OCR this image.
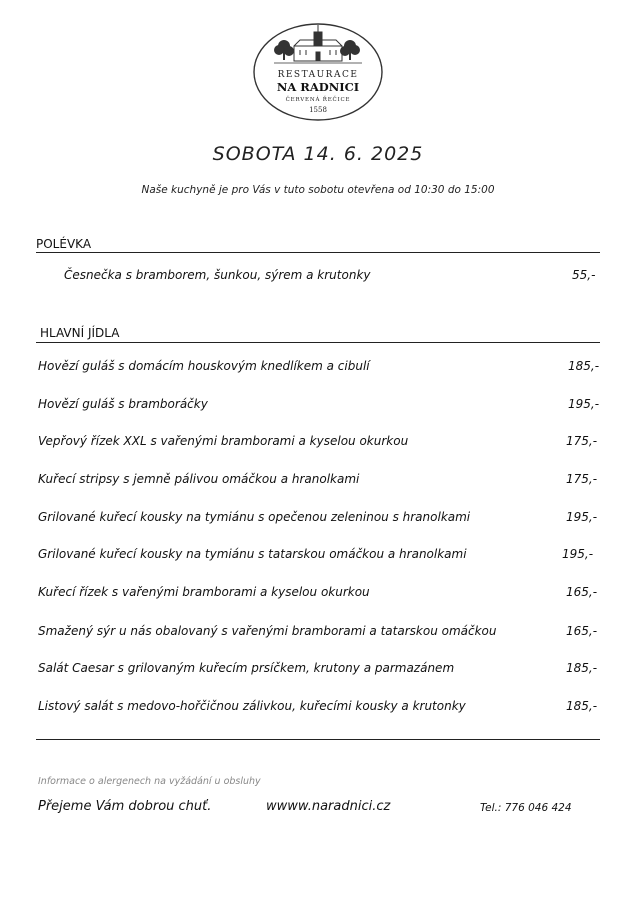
RESTAURACE
NA RADNICI
ČERVENÁ ŘEČICE
1558
SOBOTA 14. 6. 2025
Naše kuchyně je pro Vás v tuto sobotu otevřena od 10:30 do 15:00
POLÉVKA
Česnečka s bramborem, šunkou, sýrem a krutonky	55,-
HLAVNÍ JÍDLA
Hovězí guláš s domácím houskovým knedlíkem a cibulí	185,-
Hovězí guláš s bramboráčky	195,-
Vepřový řízek XXL s vařenými bramborami a kyselou okurkou	175,-
Kuřecí stripsy s jemně pálivou omáčkou a hranolkami	175,-
Grilované kuřecí kousky na tymiánu s opečenou zeleninou s hranolkami	195,-
Grilované kuřecí kousky na tymiánu s tatarskou omáčkou a hranolkami	195,-
Kuřecí řízek s vařenými bramborami a kyselou okurkou	165,-
Smažený sýr u nás obalovaný s vařenými bramborami a tatarskou omáčkou	165,-
Salát Caesar s grilovaným kuřecím prsíčkem, krutony a parmazánem	185,-
Listový salát s medovo-hořčičnou zálivkou, kuřecími kousky a krutonky	185,-
Informace o alergenech na vyžádání u obsluhy
Přejeme Vám dobrou chuť.	wwww.naradnici.cz	Tel.: 776 046 424
